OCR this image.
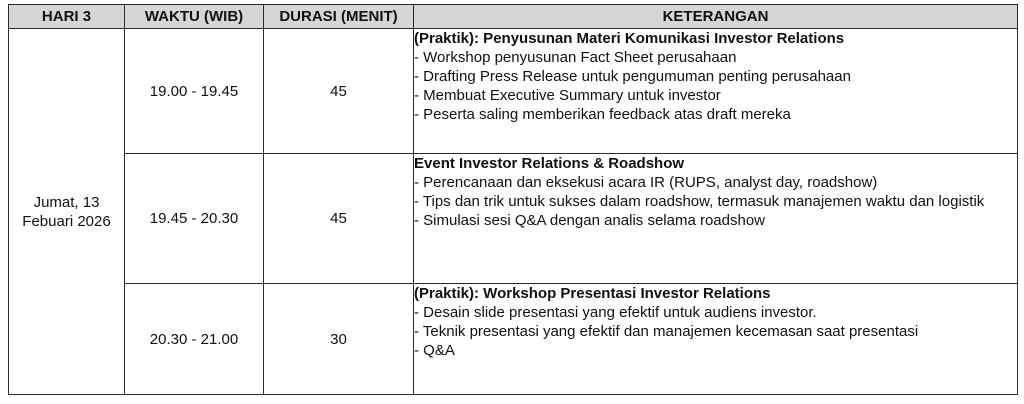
HARI 3	WAKTU (WIB)	DURASI (MENIT)	KETERANGAN

Jumat, 13
Febuari 2026	19.00 - 19.45	45	(Praktik): Penyusunan Materi Komunikasi Investor Relations
- Workshop penyusunan Fact Sheet perusahaan
- Drafting Press Release untuk pengumuman penting perusahaan
- Membuat Executive Summary untuk investor
- Peserta saling memberikan feedback atas draft mereka

	19.45 - 20.30	45	Event Investor Relations & Roadshow
- Perencanaan dan eksekusi acara IR (RUPS, analyst day, roadshow)
- Tips dan trik untuk sukses dalam roadshow, termasuk manajemen waktu dan logistik
- Simulasi sesi Q&A dengan analis selama roadshow

	20.30 - 21.00	30	(Praktik): Workshop Presentasi Investor Relations
- Desain slide presentasi yang efektif untuk audiens investor.
- Teknik presentasi yang efektif dan manajemen kecemasan saat presentasi
- Q&A
